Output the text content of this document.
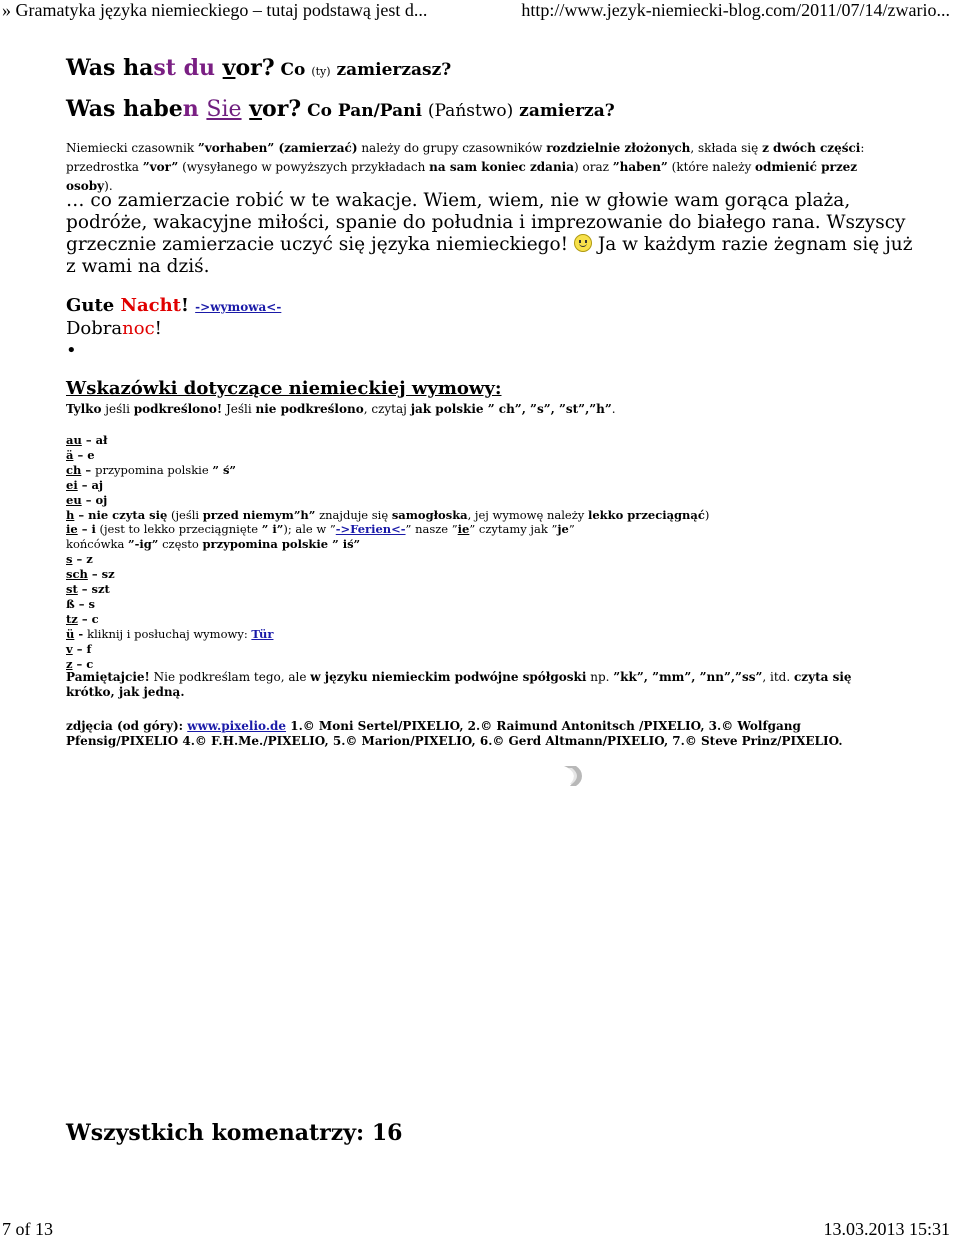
» Gramatyka języka niemieckiego – tutaj podstawą jest d...	http://www.jezyk-niemiecki-blog.com/2011/07/14/zwario...
Was hast du vor? Co (ty) zamierzasz?
Was haben Sie vor? Co Pan/Pani (Państwo) zamierza?
Niemiecki czasownik ”vorhaben” (zamierzać) należy do grupy czasowników rozdzielnie złożonych, składa się z dwóch części: przedrostka ”vor” (wysyłanego w powyższych przykładach na sam koniec zdania) oraz ”haben” (które należy odmienić przez osoby).
… co zamierzacie robić w te wakacje. Wiem, wiem, nie w głowie wam gorąca plaża, podróże, wakacyjne miłości, spanie do południa i imprezowanie do białego rana. Wszyscy grzecznie zamierzacie uczyć się języka niemieckiego!  Ja w każdym razie żegnam się już z wami na dziś.
Gute Nacht! ->wymowa<-
Dobranoc!
•
Wskazówki dotyczące niemieckiej wymowy:
Tylko jeśli podkreślono! Jeśli nie podkreślono, czytaj jak polskie ” ch”, ”s”, ”st”,”h”.
au – ał
ä – e
ch – przypomina polskie ” ś”
ei – aj
eu – oj
h – nie czyta się (jeśli przed niemym”h” znajduje się samogłoska, jej wymowę należy lekko przeciągnąć)
ie – i (jest to lekko przeciągnięte ” i”); ale w ”->Ferien<-” nasze ”ie” czytamy jak ”je”
końcówka ”-ig” często przypomina polskie ” iś”
s – z
sch – sz
st – szt
ß – s
tz – c
ü - kliknij i posłuchaj wymowy: Tür
v – f
z – c
Pamiętajcie! Nie podkreślam tego, ale w języku niemieckim podwójne spółgoski np. ”kk”, ”mm”, ”nn”,”ss”, itd. czyta się krótko, jak jedną.
zdjęcia (od góry): www.pixelio.de 1.© Moni Sertel/PIXELIO, 2.© Raimund Antonitsch /PIXELIO, 3.© Wolfgang Pfensig/PIXELIO 4.© F.H.Me./PIXELIO, 5.© Marion/PIXELIO, 6.© Gerd Altmann/PIXELIO, 7.© Steve Prinz/PIXELIO.
Wszystkich komenatrzy: 16
7 of 13	13.03.2013 15:31
